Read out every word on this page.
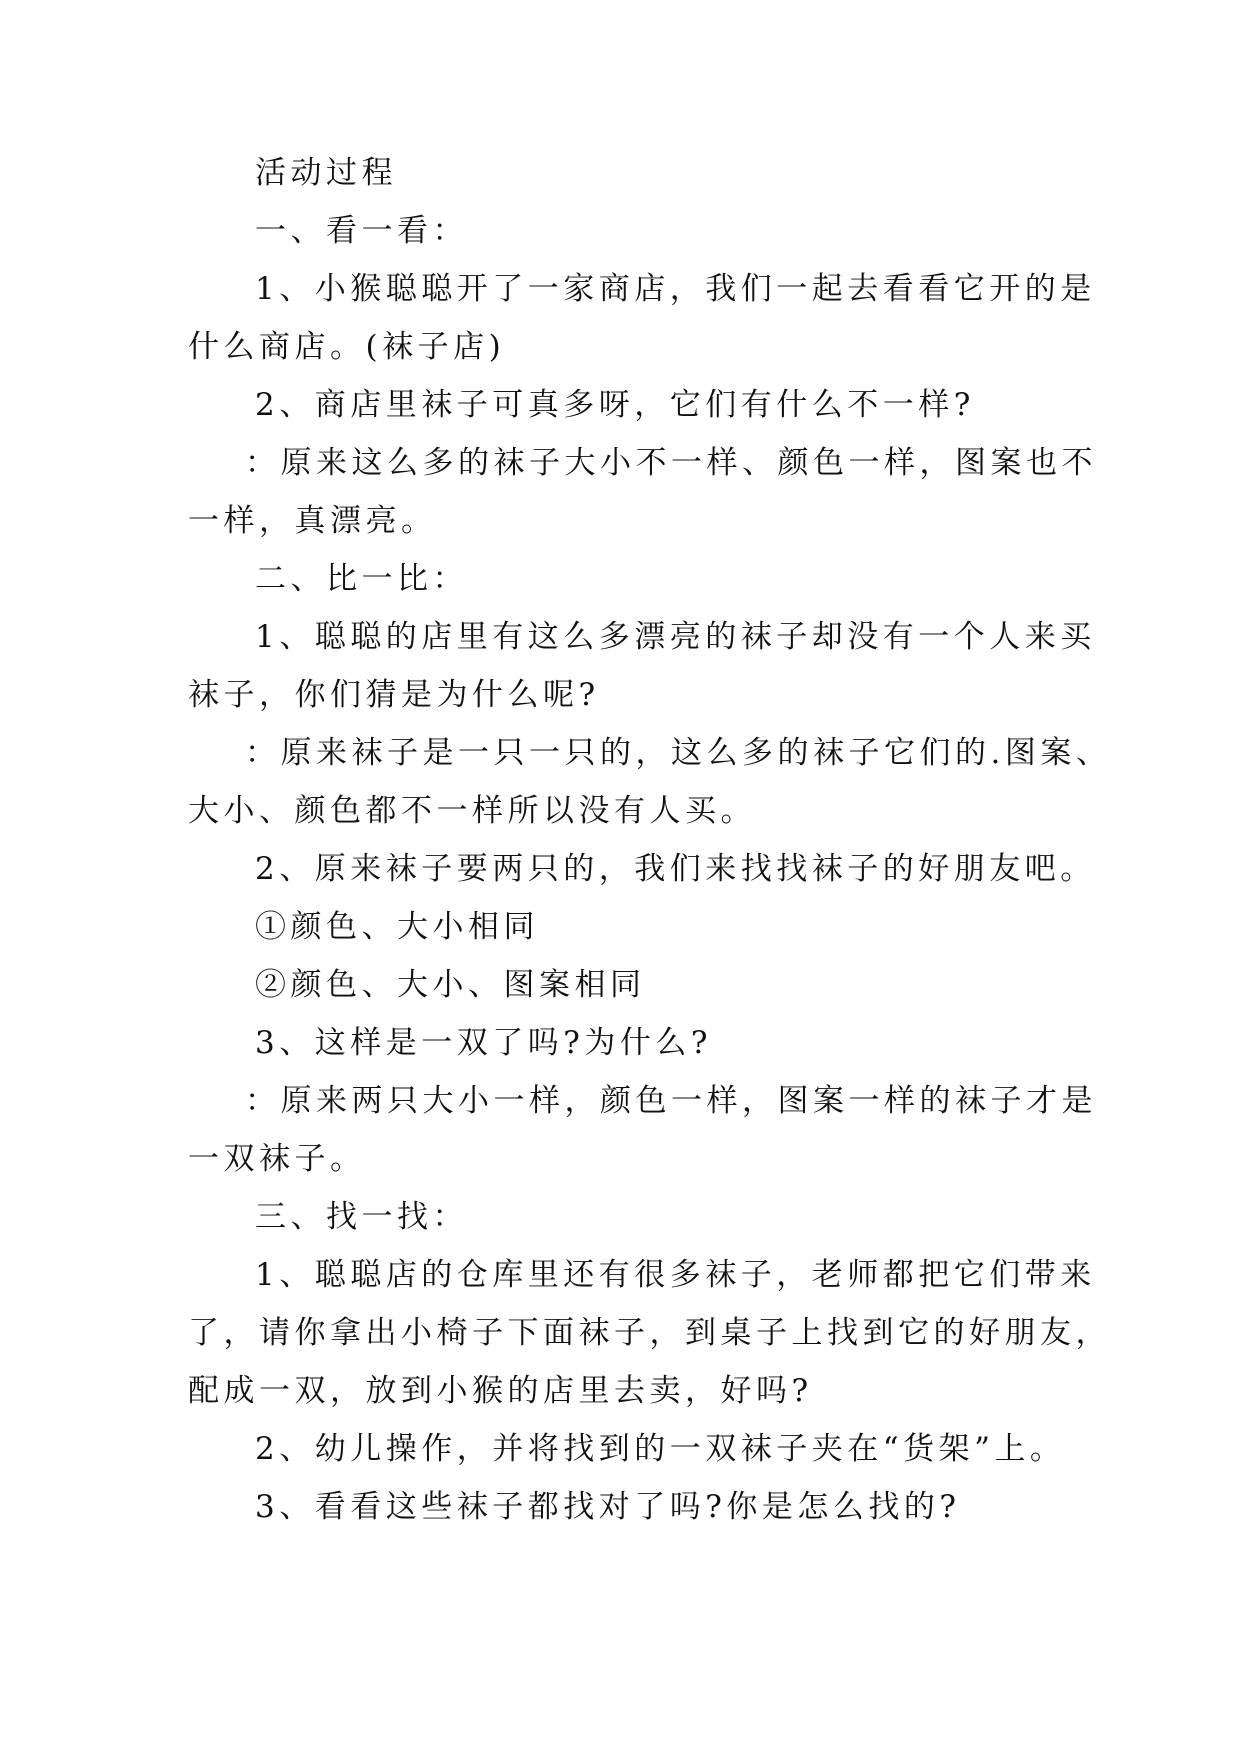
活动过程

一、看一看：

1、小猴聪聪开了一家商店，我们一起去看看它开的是

什么商店。(袜子店)

2、商店里袜子可真多呀，它们有什么不一样?

：原来这么多的袜子大小不一样、颜色一样，图案也不

一样，真漂亮。

二、比一比：

1、聪聪的店里有这么多漂亮的袜子却没有一个人来买

袜子，你们猜是为什么呢?

：原来袜子是一只一只的，这么多的袜子它们的.图案、

大小、颜色都不一样所以没有人买。

2、原来袜子要两只的，我们来找找袜子的好朋友吧。

①颜色、大小相同

②颜色、大小、图案相同

3、这样是一双了吗?为什么?

：原来两只大小一样，颜色一样，图案一样的袜子才是

一双袜子。

三、找一找：

1、聪聪店的仓库里还有很多袜子，老师都把它们带来

了，请你拿出小椅子下面袜子，到桌子上找到它的好朋友，

配成一双，放到小猴的店里去卖，好吗?

2、幼儿操作，并将找到的一双袜子夹在“货架”上。

3、看看这些袜子都找对了吗?你是怎么找的?
